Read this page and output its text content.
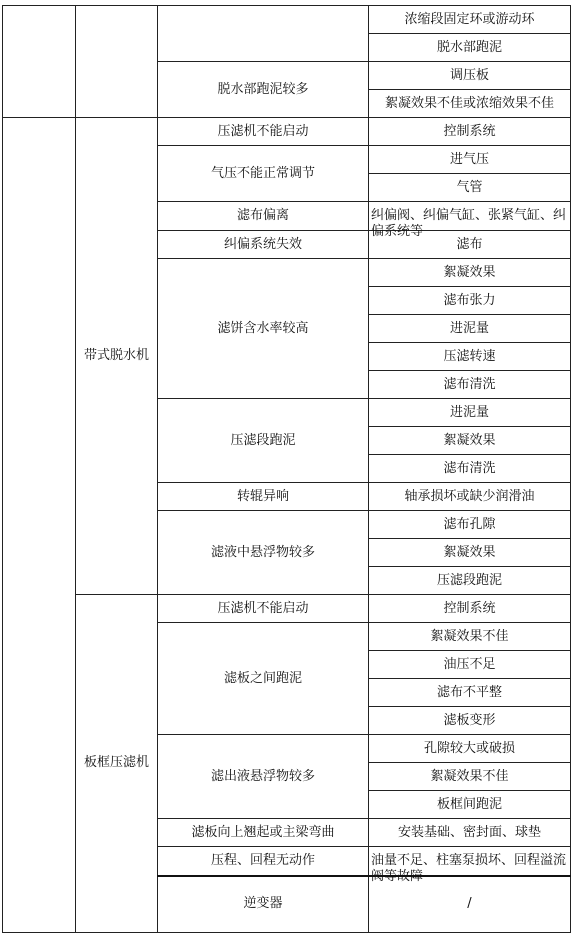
			浓缩段固定环或游动环	
			脱水部跑泥	
		脱水部跑泥较多	调压板	
			絮凝效果不佳或浓缩效果不佳	
	带式脱水机	压滤机不能启动	控制系统	
		气压不能正常调节	进气压	
			气管	
		滤布偏离	纠偏阀、纠偏气缸、张紧气缸、纠偏系统等	

		纠偏系统失效	滤布	
		滤饼含水率较高	絮凝效果	
			滤布张力	
			进泥量	
			压滤转速	
			滤布清洗	
		压滤段跑泥	进泥量	
			絮凝效果	
			滤布清洗	
		转辊异响	轴承损坏或缺少润滑油	
		滤液中悬浮物较多	滤布孔隙	
			絮凝效果	
			压滤段跑泥	
	板框压滤机	压滤机不能启动	控制系统	
		滤板之间跑泥	絮凝效果不佳	
			油压不足	
			滤布不平整	
			滤板变形	
		滤出液悬浮物较多	孔隙较大或破损	
			絮凝效果不佳	
			板框间跑泥	
		滤板向上翘起或主梁弯曲	安装基础、密封面、球垫	
		压程、回程无动作	油量不足、柱塞泵损坏、回程溢流阀等故障	

		逆变器	/		
